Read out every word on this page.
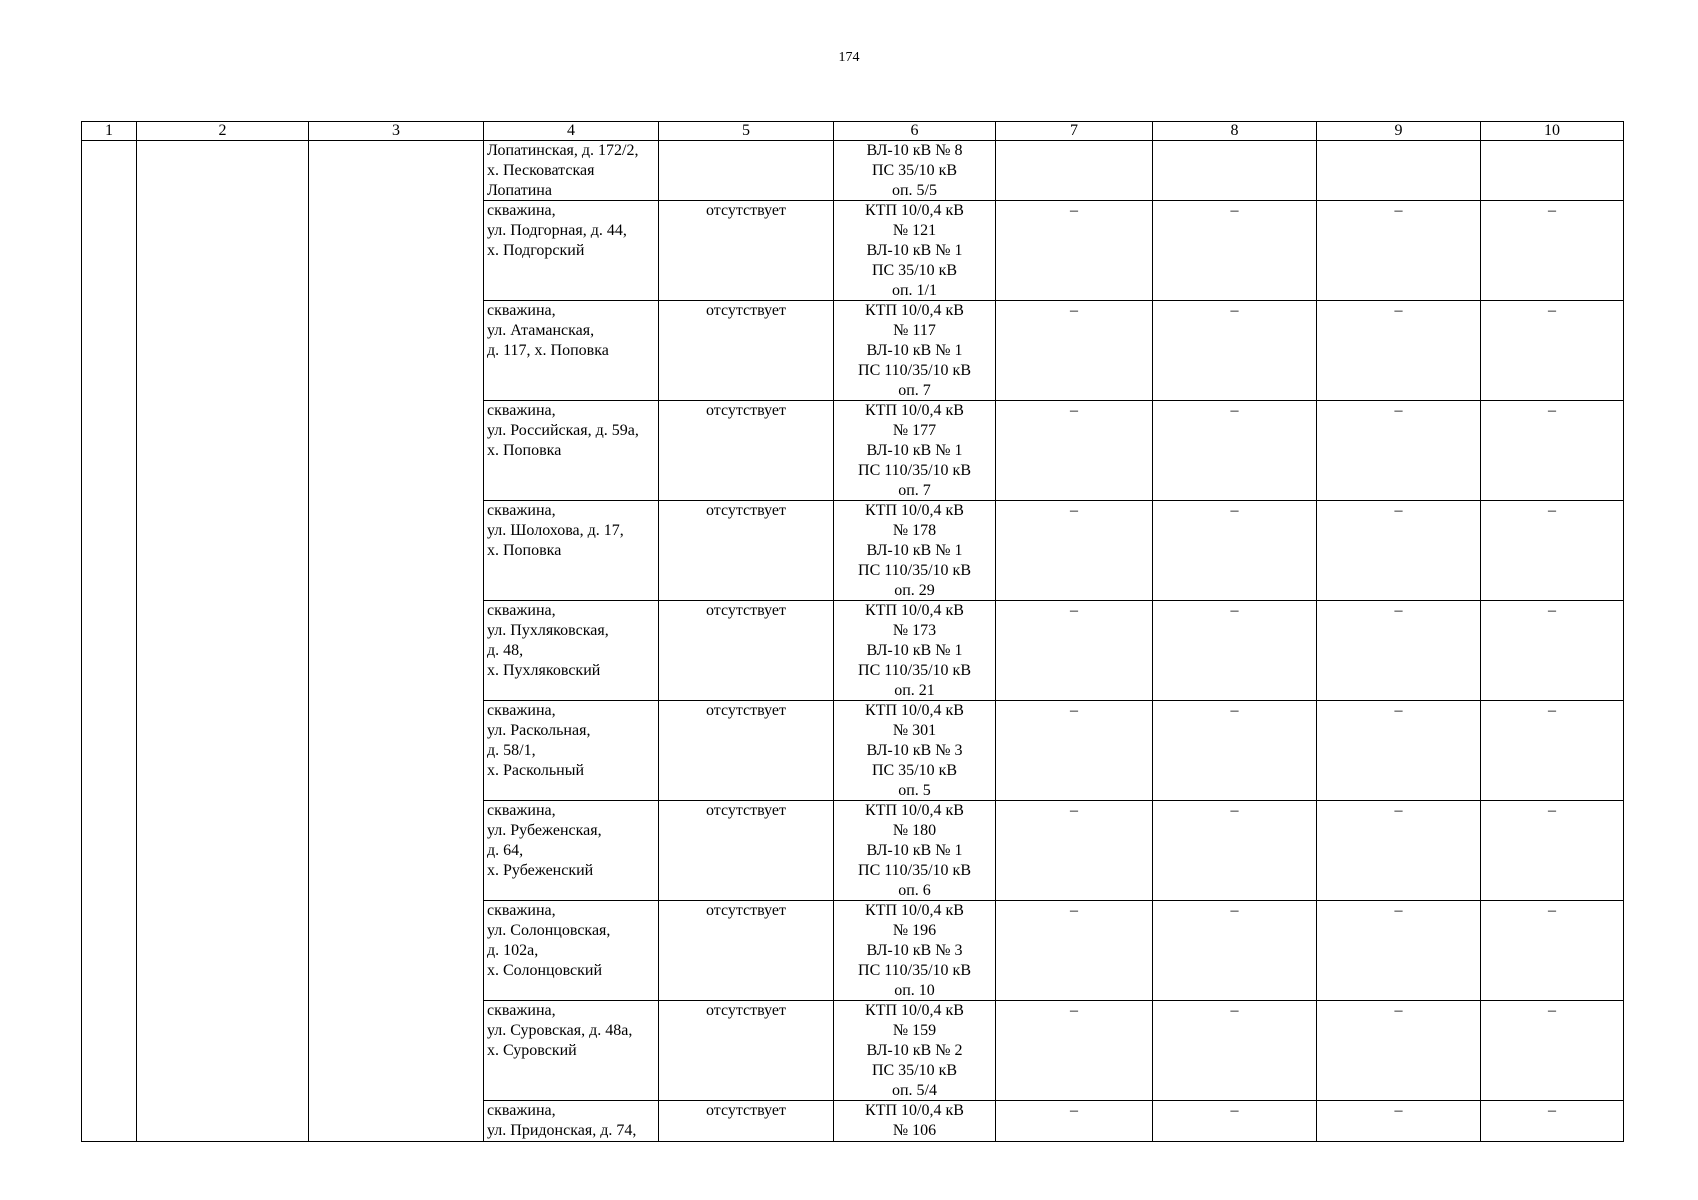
174
1	2	3	4	5	6	7	8	9	10

			Лопатинская, д. 172/2,
х. Песковатская
Лопатина		ВЛ-10 кВ № 8
ПС 35/10 кВ
оп. 5/5				

			скважина,
ул. Подгорная, д. 44,
х. Подгорский	отсутствует	КТП 10/0,4 кВ
№ 121
ВЛ-10 кВ № 1
ПС 35/10 кВ
оп. 1/1	–	–	–	–

			скважина,
ул. Атаманская,
д. 117, х. Поповка	отсутствует	КТП 10/0,4 кВ
№ 117
ВЛ-10 кВ № 1
ПС 110/35/10 кВ
оп. 7	–	–	–	–

			скважина,
ул. Российская, д. 59а,
х. Поповка	отсутствует	КТП 10/0,4 кВ
№ 177
ВЛ-10 кВ № 1
ПС 110/35/10 кВ
оп. 7	–	–	–	–

			скважина,
ул. Шолохова, д. 17,
х. Поповка	отсутствует	КТП 10/0,4 кВ
№ 178
ВЛ-10 кВ № 1
ПС 110/35/10 кВ
оп. 29	–	–	–	–

			скважина,
ул. Пухляковская,
д. 48,
х. Пухляковский	отсутствует	КТП 10/0,4 кВ
№ 173
ВЛ-10 кВ № 1
ПС 110/35/10 кВ
оп. 21	–	–	–	–

			скважина,
ул. Раскольная,
д. 58/1,
х. Раскольный	отсутствует	КТП 10/0,4 кВ
№ 301
ВЛ-10 кВ № 3
ПС 35/10 кВ
оп. 5	–	–	–	–

			скважина,
ул. Рубеженская,
д. 64,
х. Рубеженский	отсутствует	КТП 10/0,4 кВ
№ 180
ВЛ-10 кВ № 1
ПС 110/35/10 кВ
оп. 6	–	–	–	–

			скважина,
ул. Солонцовская,
д. 102а,
х. Солонцовский	отсутствует	КТП 10/0,4 кВ
№ 196
ВЛ-10 кВ № 3
ПС 110/35/10 кВ
оп. 10	–	–	–	–

			скважина,
ул. Суровская, д. 48а,
х. Суровский	отсутствует	КТП 10/0,4 кВ
№ 159
ВЛ-10 кВ № 2
ПС 35/10 кВ
оп. 5/4	–	–	–	–

			скважина,
ул. Придонская, д. 74,	отсутствует	КТП 10/0,4 кВ
№ 106	–	–	–	–
